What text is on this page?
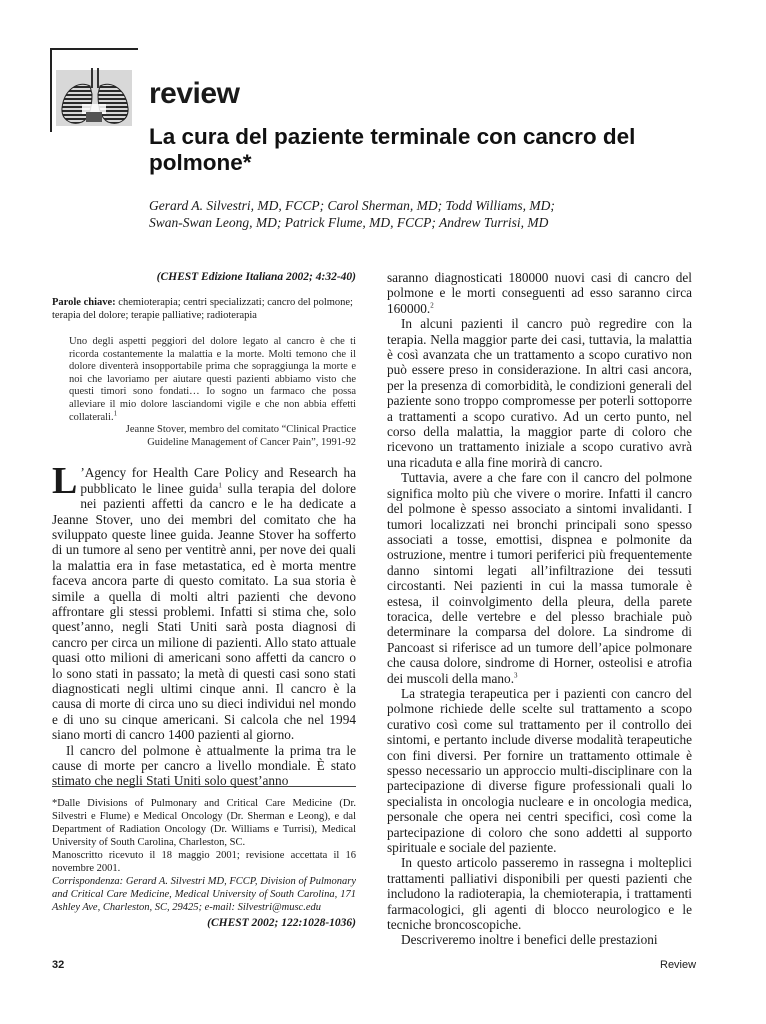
review
La cura del paziente terminale con cancro del polmone*
Gerard A. Silvestri, MD, FCCP; Carol Sherman, MD; Todd Williams, MD;
Swan-Swan Leong, MD; Patrick Flume, MD, FCCP; Andrew Turrisi, MD

(CHEST Edizione Italiana 2002; 4:32-40)

Parole chiave: chemioterapia; centri specializzati; cancro del polmone; terapia del dolore; terapie palliative; radioterapia

Uno degli aspetti peggiori del dolore legato al cancro è che ti ricorda costantemente la malattia e la morte. Molti temono che il dolore diventerà insopportabile prima che sopraggiunga la morte e noi che lavoriamo per aiutare questi pazienti abbiamo visto che questi timori sono fondati… Io sogno un farmaco che possa alleviare il mio dolore lasciandomi vigile e che non abbia effetti collaterali.$^1$

Jeanne Stover, membro del comitato “Clinical Practice
Guideline Management of Cancer Pain”, 1991-92

L ’Agency for Health Care Policy and Research ha pubblicato le linee guida$^1$ sulla terapia del dolore nei pazienti affetti da cancro e le ha dedicate a Jeanne Stover, uno dei membri del comitato che ha sviluppato queste linee guida. Jeanne Stover ha sofferto di un tumore al seno per ventitrè anni, per nove dei quali la malattia era in fase metastatica, ed è morta mentre faceva ancora parte di questo comitato. La sua storia è simile a quella di molti altri pazienti che devono affrontare gli stessi problemi. Infatti si stima che, solo quest’anno, negli Stati Uniti sarà posta diagnosi di cancro per circa un milione di pazienti. Allo stato attuale quasi otto milioni di americani sono affetti da cancro o lo sono stati in passato; la metà di questi casi sono stati diagnosticati negli ultimi cinque anni. Il cancro è la causa di morte di circa uno su dieci individui nel mondo e di uno su cinque americani. Si calcola che nel 1994 siano morti di cancro 1400 pazienti al giorno.

Il cancro del polmone è attualmente la prima tra le cause di morte per cancro a livello mondiale. È stato stimato che negli Stati Uniti solo quest’anno

*Dalle Divisions of Pulmonary and Critical Care Medicine (Dr. Silvestri e Flume) e Medical Oncology (Dr. Sherman e Leong), e dal Department of Radiation Oncology (Dr. Williams e Turrisi), Medical University of South Carolina, Charleston, SC.

Manoscritto ricevuto il 18 maggio 2001; revisione accettata il 16 novembre 2001.

Corrispondenza: Gerard A. Silvestri MD, FCCP, Division of Pulmonary and Critical Care Medicine, Medical University of South Carolina, 171 Ashley Ave, Charleston, SC, 29425; e-mail: Silvestri@musc.edu

(CHEST 2002; 122:1028-1036)

saranno diagnosticati 180000 nuovi casi di cancro del polmone e le morti conseguenti ad esso saranno circa 160000.$^2$

In alcuni pazienti il cancro può regredire con la terapia. Nella maggior parte dei casi, tuttavia, la malattia è così avanzata che un trattamento a scopo curativo non può essere preso in considerazione. In altri casi ancora, per la presenza di comorbidità, le condizioni generali del paziente sono troppo compromesse per poterli sottoporre a trattamenti a scopo curativo. Ad un certo punto, nel corso della malattia, la maggior parte di coloro che ricevono un trattamento iniziale a scopo curativo avrà una ricaduta e alla fine morirà di cancro.

Tuttavia, avere a che fare con il cancro del polmone significa molto più che vivere o morire. Infatti il cancro del polmone è spesso associato a sintomi invalidanti. I tumori localizzati nei bronchi principali sono spesso associati a tosse, emottisi, dispnea e polmonite da ostruzione, mentre i tumori periferici più frequentemente danno sintomi legati all’infiltrazione dei tessuti circostanti. Nei pazienti in cui la massa tumorale è estesa, il coinvolgimento della pleura, della parete toracica, delle vertebre e del plesso brachiale può determinare la comparsa del dolore. La sindrome di Pancoast si riferisce ad un tumore dell’apice polmonare che causa dolore, sindrome di Horner, osteolisi e atrofia dei muscoli della mano.$^3$

La strategia terapeutica per i pazienti con cancro del polmone richiede delle scelte sul trattamento a scopo curativo così come sul trattamento per il controllo dei sintomi, e pertanto include diverse modalità terapeutiche con fini diversi. Per fornire un trattamento ottimale è spesso necessario un approccio multi-disciplinare con la partecipazione di diverse figure professionali quali lo specialista in oncologia nucleare e in oncologia medica, personale che opera nei centri specifici, così come la partecipazione di coloro che sono addetti al supporto spirituale e sociale del paziente.

In questo articolo passeremo in rassegna i molteplici trattamenti palliativi disponibili per questi pazienti che includono la radioterapia, la chemioterapia, i trattamenti farmacologici, gli agenti di blocco neurologico e le tecniche broncoscopiche.

Descriveremo inoltre i benefici delle prestazioni

32	Review
